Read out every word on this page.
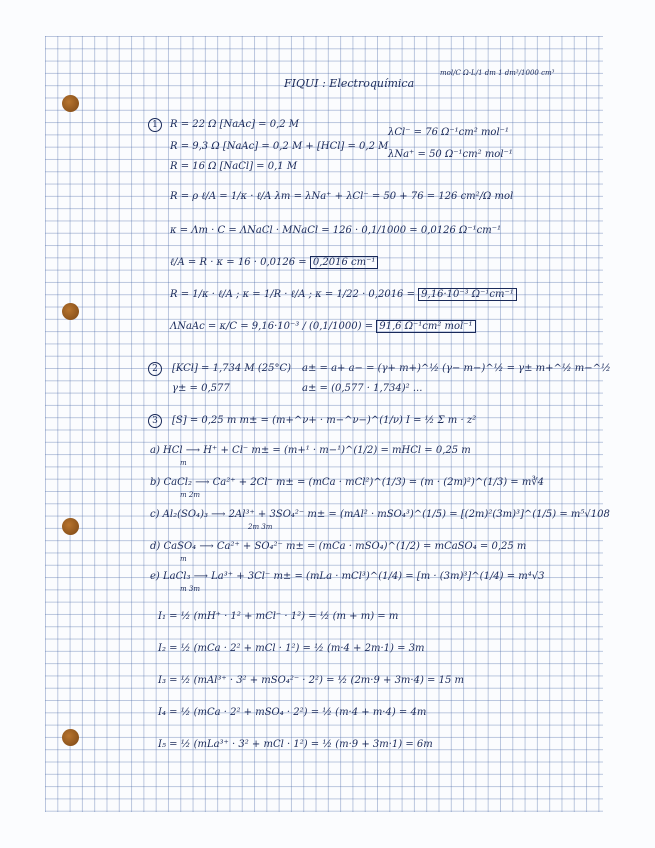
FIQUI : Electroquímica
mol/C Ω·L/1 dm 1 dm³/1000 cm³
1	R = 22 Ω [NaAc] = 0,2 M
R = 9,3 Ω [NaAc] = 0,2 M + [HCl] = 0,2 M
R = 16 Ω [NaCl] = 0,1 M
λCl⁻ = 76 Ω⁻¹cm² mol⁻¹
λNa⁺ = 50 Ω⁻¹cm² mol⁻¹
R = ρ ℓ/A = 1/κ · ℓ/A λm = λNa⁺ + λCl⁻ = 50 + 76 = 126 cm²/Ω mol
κ = Λm · C = ΛNaCl · MNaCl = 126 · 0,1/1000 = 0,0126 Ω⁻¹cm⁻¹
ℓ/A = R · κ = 16 · 0,0126 = 0,2016 cm⁻¹
R = 1/κ · ℓ/A ; κ = 1/R · ℓ/A ; κ = 1/22 · 0,2016 = 9,16·10⁻³ Ω⁻¹cm⁻¹
ΛNaAc = κ/C = 9,16·10⁻³ / (0,1/1000) = 91,6 Ω⁻¹cm² mol⁻¹
2	[KCl] = 1,734 M (25°C)
γ± = 0,577
a± = a+ a− = (γ+ m+)^½ (γ− m−)^½ = γ± m+^½ m−^½
a± = (0,577 · 1,734)² ...
3	[S] = 0,25 m m± = (m+^ν+ · m−^ν−)^(1/ν) I = ½ Σ m · z²
a) HCl ⟶ H⁺ + Cl⁻ m± = (m+¹ · m−¹)^(1/2) = mHCl = 0,25 m
m
b) CaCl₂ ⟶ Ca²⁺ + 2Cl⁻ m± = (mCa · mCl²)^(1/3) = (m · (2m)²)^(1/3) = m∛4
m 2m
c) Al₂(SO₄)₃ ⟶ 2Al³⁺ + 3SO₄²⁻ m± = (mAl² · mSO₄³)^(1/5) = [(2m)²(3m)³]^(1/5) = m⁵√108
2m 3m
d) CaSO₄ ⟶ Ca²⁺ + SO₄²⁻ m± = (mCa · mSO₄)^(1/2) = mCaSO₄ = 0,25 m
m
e) LaCl₃ ⟶ La³⁺ + 3Cl⁻ m± = (mLa · mCl³)^(1/4) = [m · (3m)³]^(1/4) = m⁴√3
m 3m
I₁ = ½ (mH⁺ · 1² + mCl⁻ · 1²) = ½ (m + m) = m
I₂ = ½ (mCa · 2² + mCl · 1²) = ½ (m·4 + 2m·1) = 3m
I₃ = ½ (mAl³⁺ · 3² + mSO₄²⁻ · 2²) = ½ (2m·9 + 3m·4) = 15 m
I₄ = ½ (mCa · 2² + mSO₄ · 2²) = ½ (m·4 + m·4) = 4m
I₅ = ½ (mLa³⁺ · 3² + mCl · 1²) = ½ (m·9 + 3m·1) = 6m
